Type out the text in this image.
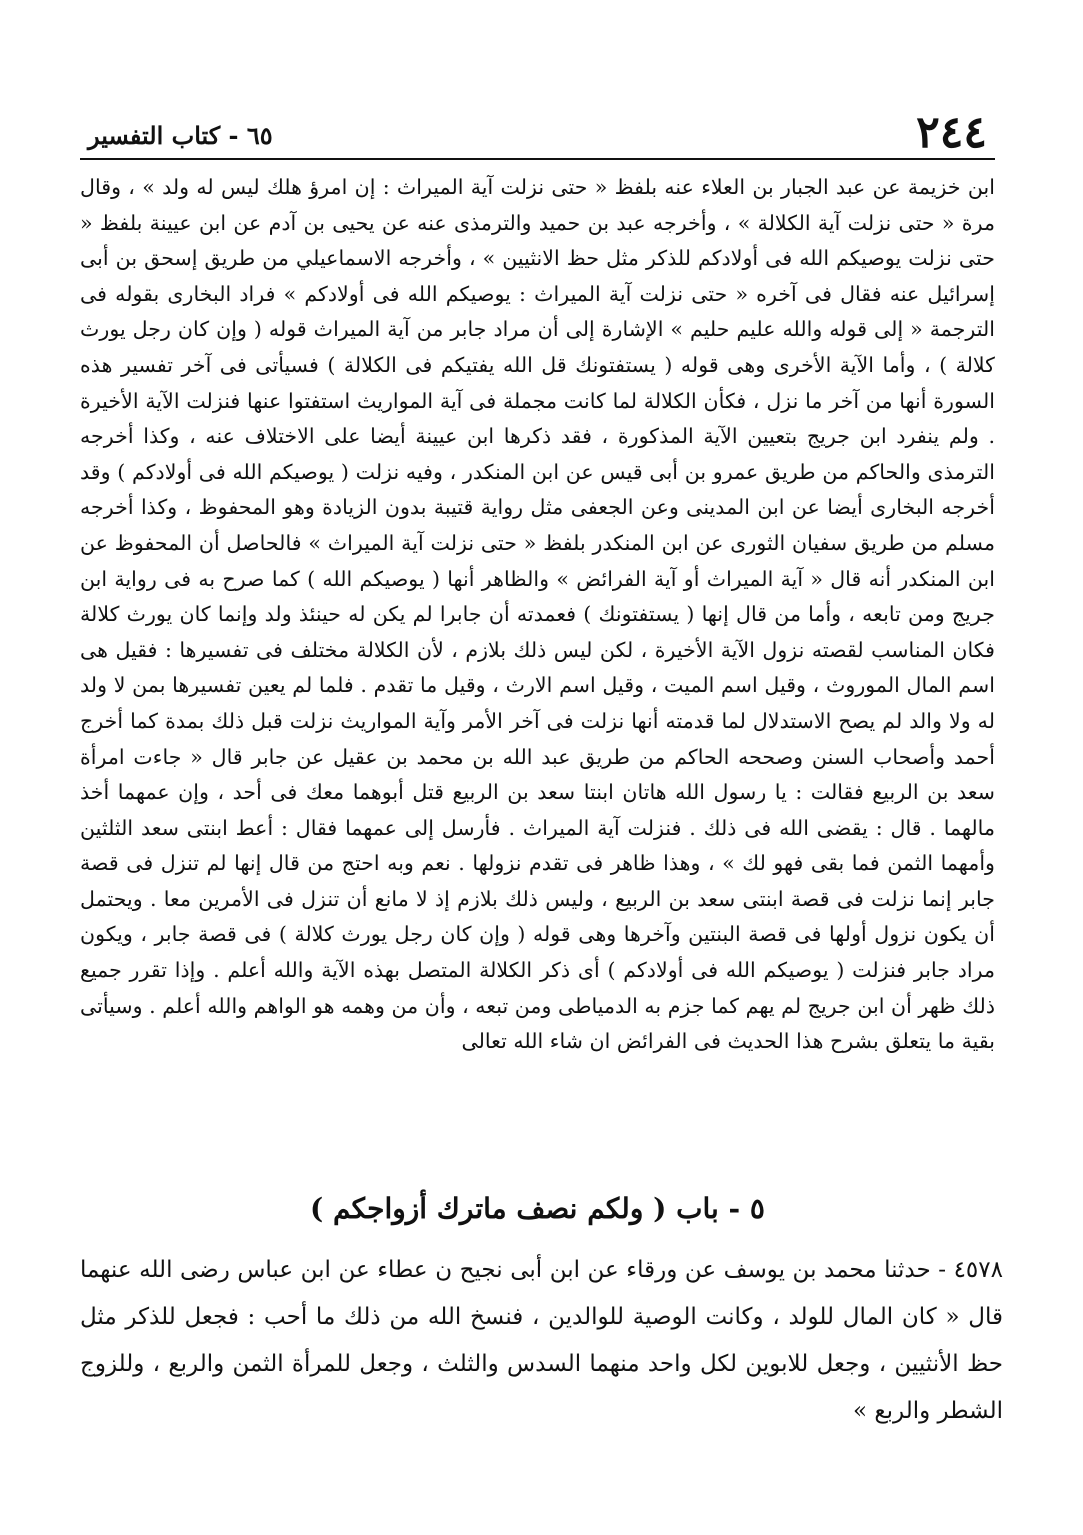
٢٤٤
٦٥ - كتاب التفسير
ابن خزيمة عن عبد الجبار بن العلاء عنه بلفظ « حتى نزلت آية الميراث : إن امرؤ هلك ليس له ولد » ، وقال مرة « حتى نزلت آية الكلالة » ، وأخرجه عبد بن حميد والترمذى عنه عن يحيى بن آدم عن ابن عيينة بلفظ « حتى نزلت يوصيكم الله فى أولادكم للذكر مثل حظ الانثيين » ، وأخرجه الاسماعيلي من طريق إسحق بن أبى إسرائيل عنه فقال فى آخره « حتى نزلت آية الميراث : يوصيكم الله فى أولادكم » فراد البخارى بقوله فى الترجمة « إلى قوله والله عليم حليم » الإشارة إلى أن مراد جابر من آية الميراث قوله ( وإن كان رجل يورث كلالة ) ، وأما الآية الأخرى وهى قوله ( يستفتونك قل الله يفتيكم فى الكلالة ) فسيأتى فى آخر تفسير هذه السورة أنها من آخر ما نزل ، فكأن الكلالة لما كانت مجملة فى آية المواريث استفتوا عنها فنزلت الآية الأخيرة . ولم ينفرد ابن جريج بتعيين الآية المذكورة ، فقد ذكرها ابن عيينة أيضا على الاختلاف عنه ، وكذا أخرجه الترمذى والحاكم من طريق عمرو بن أبى قيس عن ابن المنكدر ، وفيه نزلت ( يوصيكم الله فى أولادكم ) وقد أخرجه البخارى أيضا عن ابن المدينى وعن الجعفى مثل رواية قتيبة بدون الزيادة وهو المحفوظ ، وكذا أخرجه مسلم من طريق سفيان الثورى عن ابن المنكدر بلفظ « حتى نزلت آية الميراث » فالحاصل أن المحفوظ عن ابن المنكدر أنه قال « آية الميراث أو آية الفرائض » والظاهر أنها ( يوصيكم الله ) كما صرح به فى رواية ابن جريج ومن تابعه ، وأما من قال إنها ( يستفتونك ) فعمدته أن جابرا لم يكن له حينئذ ولد وإنما كان يورث كلالة فكان المناسب لقصته نزول الآية الأخيرة ، لكن ليس ذلك بلازم ، لأن الكلالة مختلف فى تفسيرها : فقيل هى اسم المال الموروث ، وقيل اسم الميت ، وقيل اسم الارث ، وقيل ما تقدم . فلما لم يعين تفسيرها بمن لا ولد له ولا والد لم يصح الاستدلال لما قدمته أنها نزلت فى آخر الأمر وآية المواريث نزلت قبل ذلك بمدة كما أخرج أحمد وأصحاب السنن وصححه الحاكم من طريق عبد الله بن محمد بن عقيل عن جابر قال « جاءت امرأة سعد بن الربيع فقالت : يا رسول الله هاتان ابنتا سعد بن الربيع قتل أبوهما معك فى أحد ، وإن عمهما أخذ مالهما . قال : يقضى الله فى ذلك . فنزلت آية الميراث . فأرسل إلى عمهما فقال : أعط ابنتى سعد الثلثين وأمهما الثمن فما بقى فهو لك » ، وهذا ظاهر فى تقدم نزولها . نعم وبه احتج من قال إنها لم تنزل فى قصة جابر إنما نزلت فى قصة ابنتى سعد بن الربيع ، وليس ذلك بلازم إذ لا مانع أن تنزل فى الأمرين معا . ويحتمل أن يكون نزول أولها فى قصة البنتين وآخرها وهى قوله ( وإن كان رجل يورث كلالة ) فى قصة جابر ، ويكون مراد جابر فنزلت ( يوصيكم الله فى أولادكم ) أى ذكر الكلالة المتصل بهذه الآية والله أعلم . وإذا تقرر جميع ذلك ظهر أن ابن جريج لم يهم كما جزم به الدمياطى ومن تبعه ، وأن من وهمه هو الواهم والله أعلم . وسيأتى بقية ما يتعلق بشرح هذا الحديث فى الفرائض ان شاء الله تعالى
٥ - باب ( ولكم نصف ماترك أزواجكم )
٤٥٧٨ - حدثنا محمد بن يوسف عن ورقاء عن ابن أبى نجيح ن عطاء عن ابن عباس رضى الله عنهما قال « كان المال للولد ، وكانت الوصية للوالدين ، فنسخ الله من ذلك ما أحب : فجعل للذكر مثل حظ الأنثيين ، وجعل للابوين لكل واحد منهما السدس والثلث ، وجعل للمرأة الثمن والربع ، وللزوج الشطر والربع »
